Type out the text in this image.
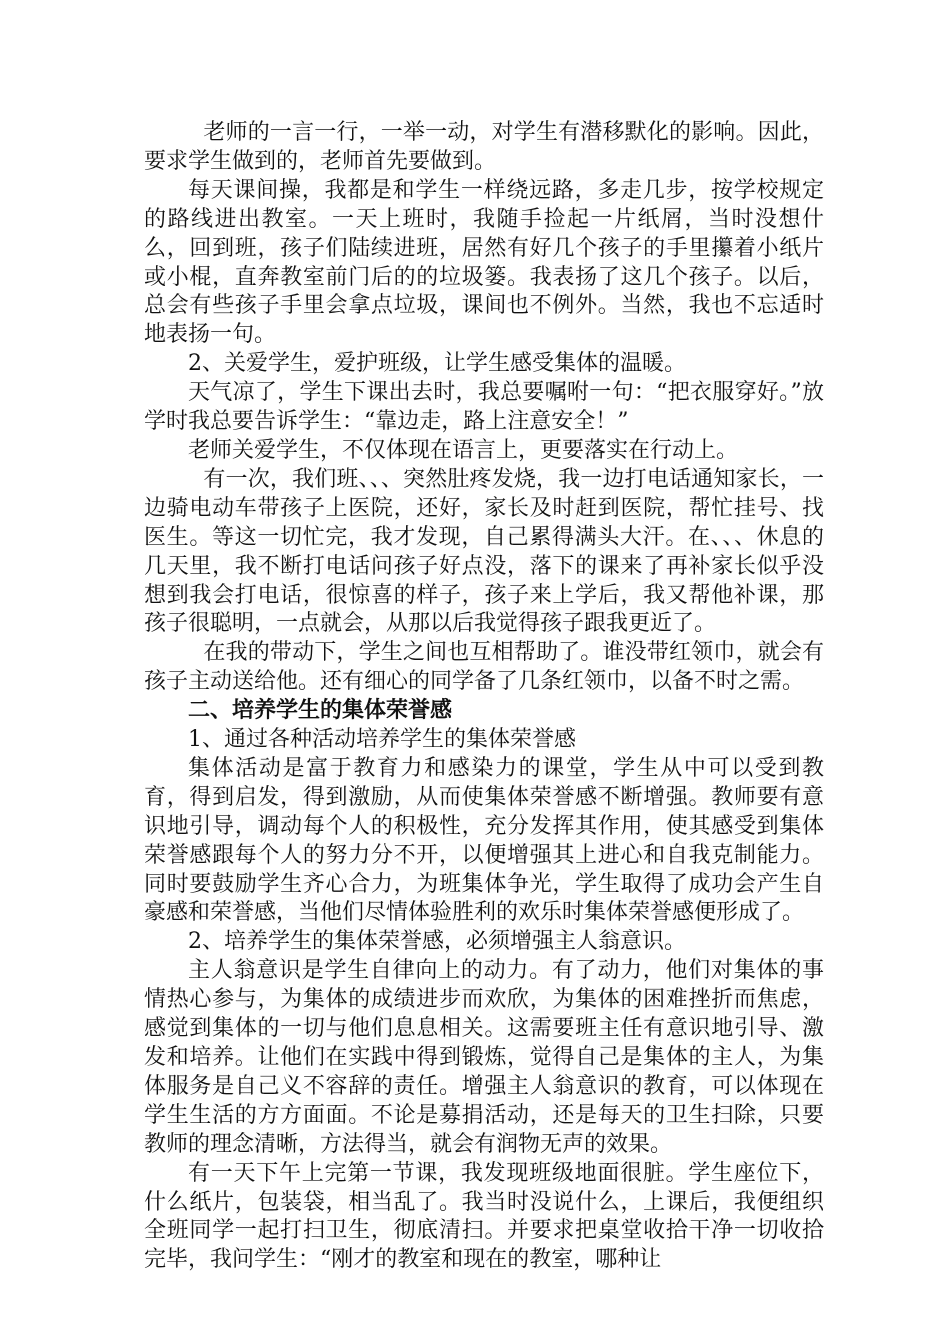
老师的一言一行，一举一动，对学生有潜移默化的影响。因此，要求学生做到的，老师首先要做到。

每天课间操，我都是和学生一样绕远路，多走几步，按学校规定的路线进出教室。一天上班时，我随手捡起一片纸屑，当时没想什么，回到班，孩子们陆续进班，居然有好几个孩子的手里攥着小纸片或小棍，直奔教室前门后的的垃圾篓。我表扬了这几个孩子。以后，总会有些孩子手里会拿点垃圾，课间也不例外。当然，我也不忘适时地表扬一句。

2、关爱学生，爱护班级，让学生感受集体的温暖。

天气凉了，学生下课出去时，我总要嘱咐一句：“把衣服穿好。”放学时我总要告诉学生：“靠边走，路上注意安全！”

老师关爱学生，不仅体现在语言上，更要落实在行动上。

有一次，我们班、、、突然肚疼发烧，我一边打电话通知家长，一边骑电动车带孩子上医院，还好，家长及时赶到医院，帮忙挂号、找医生。等这一切忙完，我才发现，自己累得满头大汗。在、、、休息的几天里，我不断打电话问孩子好点没，落下的课来了再补家长似乎没想到我会打电话，很惊喜的样子，孩子来上学后，我又帮他补课，那孩子很聪明，一点就会，从那以后我觉得孩子跟我更近了。

在我的带动下，学生之间也互相帮助了。谁没带红领巾，就会有孩子主动送给他。还有细心的同学备了几条红领巾，以备不时之需。

二、培养学生的集体荣誉感

1、通过各种活动培养学生的集体荣誉感

集体活动是富于教育力和感染力的课堂，学生从中可以受到教育，得到启发，得到激励，从而使集体荣誉感不断增强。教师要有意识地引导，调动每个人的积极性，充分发挥其作用，使其感受到集体荣誉感跟每个人的努力分不开，以便增强其上进心和自我克制能力。同时要鼓励学生齐心合力，为班集体争光，学生取得了成功会产生自豪感和荣誉感，当他们尽情体验胜利的欢乐时集体荣誉感便形成了。

2、培养学生的集体荣誉感，必须增强主人翁意识。

主人翁意识是学生自律向上的动力。有了动力，他们对集体的事情热心参与，为集体的成绩进步而欢欣，为集体的困难挫折而焦虑，感觉到集体的一切与他们息息相关。这需要班主任有意识地引导、激发和培养。让他们在实践中得到锻炼，觉得自己是集体的主人，为集体服务是自己义不容辞的责任。增强主人翁意识的教育，可以体现在学生生活的方方面面。不论是募捐活动，还是每天的卫生扫除，只要教师的理念清晰，方法得当，就会有润物无声的效果。

有一天下午上完第一节课，我发现班级地面很脏。学生座位下，什么纸片，包装袋，相当乱了。我当时没说什么，上课后，我便组织全班同学一起打扫卫生，彻底清扫。并要求把桌堂收拾干净一切收拾完毕，我问学生：“刚才的教室和现在的教室，哪种让
